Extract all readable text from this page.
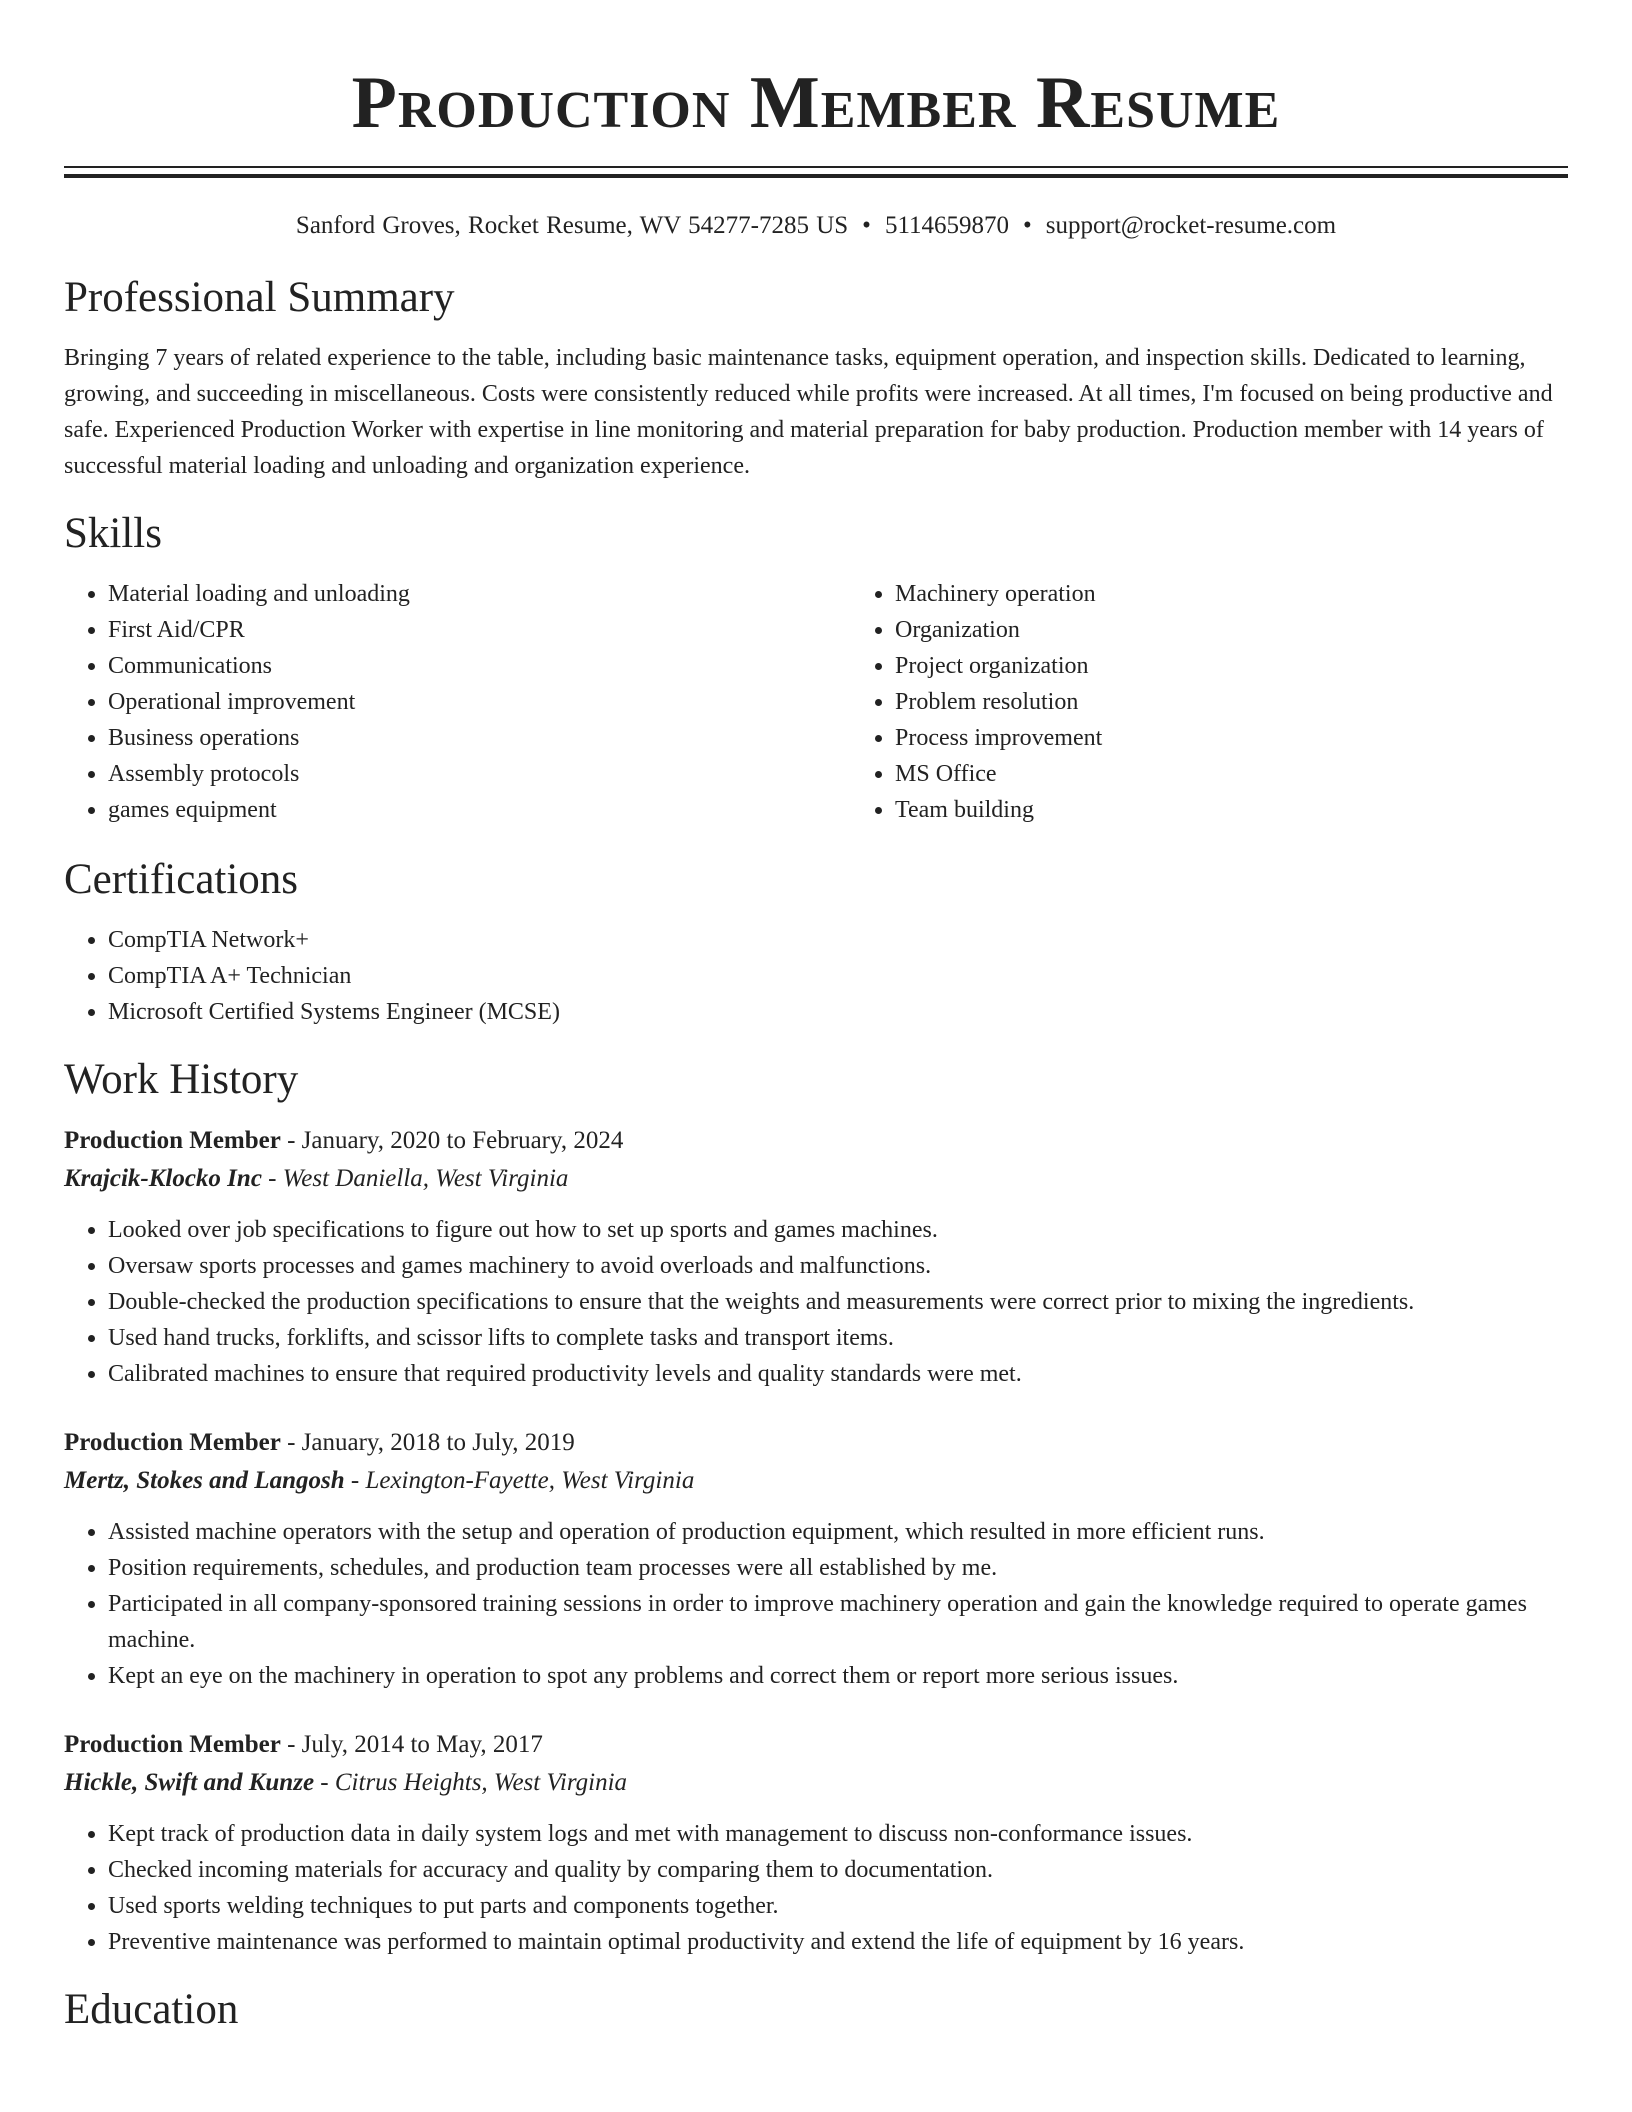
Production Member Resume
Sanford Groves, Rocket Resume, WV 54277-7285 US • 5114659870 • support@rocket-resume.com
Professional Summary

Bringing 7 years of related experience to the table, including basic maintenance tasks, equipment operation, and inspection skills. Dedicated to learning, growing, and succeeding in miscellaneous. Costs were consistently reduced while profits were increased. At all times, I'm focused on being productive and safe. Experienced Production Worker with expertise in line monitoring and material preparation for baby production. Production member with 14 years of successful material loading and unloading and organization experience.

Skills
• Material loading and unloading
• First Aid/CPR
• Communications
• Operational improvement
• Business operations
• Assembly protocols
• games equipment
• Machinery operation
• Organization
• Project organization
• Problem resolution
• Process improvement
• MS Office
• Team building
Certifications
• CompTIA Network+
• CompTIA A+ Technician
• Microsoft Certified Systems Engineer (MCSE)
Work History
Production Member - January, 2020 to February, 2024
Krajcik-Klocko Inc - West Daniella, West Virginia
• Looked over job specifications to figure out how to set up sports and games machines.
• Oversaw sports processes and games machinery to avoid overloads and malfunctions.
• Double-checked the production specifications to ensure that the weights and measurements were correct prior to mixing the ingredients.
• Used hand trucks, forklifts, and scissor lifts to complete tasks and transport items.
• Calibrated machines to ensure that required productivity levels and quality standards were met.
Production Member - January, 2018 to July, 2019
Mertz, Stokes and Langosh - Lexington-Fayette, West Virginia
• Assisted machine operators with the setup and operation of production equipment, which resulted in more efficient runs.
• Position requirements, schedules, and production team processes were all established by me.
• Participated in all company-sponsored training sessions in order to improve machinery operation and gain the knowledge required to operate games machine.
• Kept an eye on the machinery in operation to spot any problems and correct them or report more serious issues.
Production Member - July, 2014 to May, 2017
Hickle, Swift and Kunze - Citrus Heights, West Virginia
• Kept track of production data in daily system logs and met with management to discuss non-conformance issues.
• Checked incoming materials for accuracy and quality by comparing them to documentation.
• Used sports welding techniques to put parts and components together.
• Preventive maintenance was performed to maintain optimal productivity and extend the life of equipment by 16 years.
Education
